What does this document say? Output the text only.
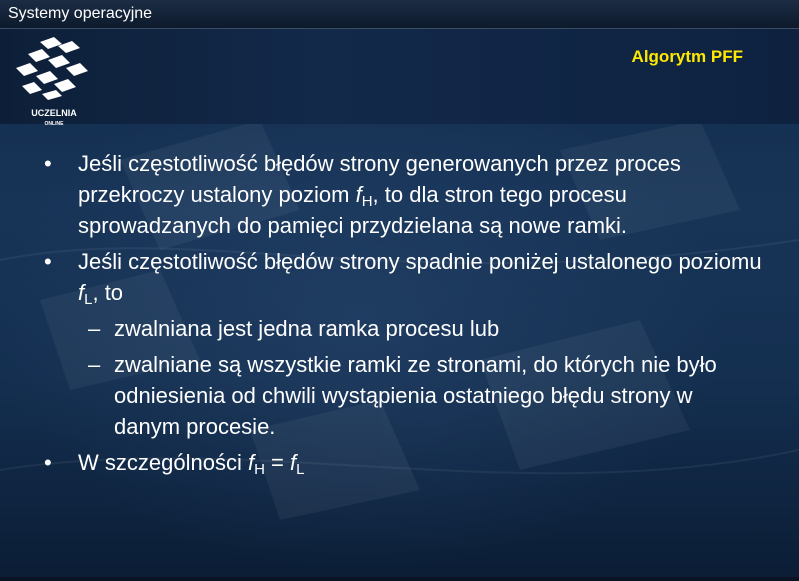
Systemy operacyjne
UCZELNIA
ONLINE
Algorytm PFF
• Jeśli częstotliwość błędów strony generowanych przez proces przekroczy ustalony poziom $f_H$, to dla stron tego procesu sprowadzanych do pamięci przydzielana są nowe ramki.
• Jeśli częstotliwość błędów strony spadnie poniżej ustalonego poziomu $f_L$, to
– zwalniana jest jedna ramka procesu lub
– zwalniane są wszystkie ramki ze stronami, do których nie było odniesienia od chwili wystąpienia ostatniego błędu strony w danym procesie.
• W szczególności $f_H = f_L$
